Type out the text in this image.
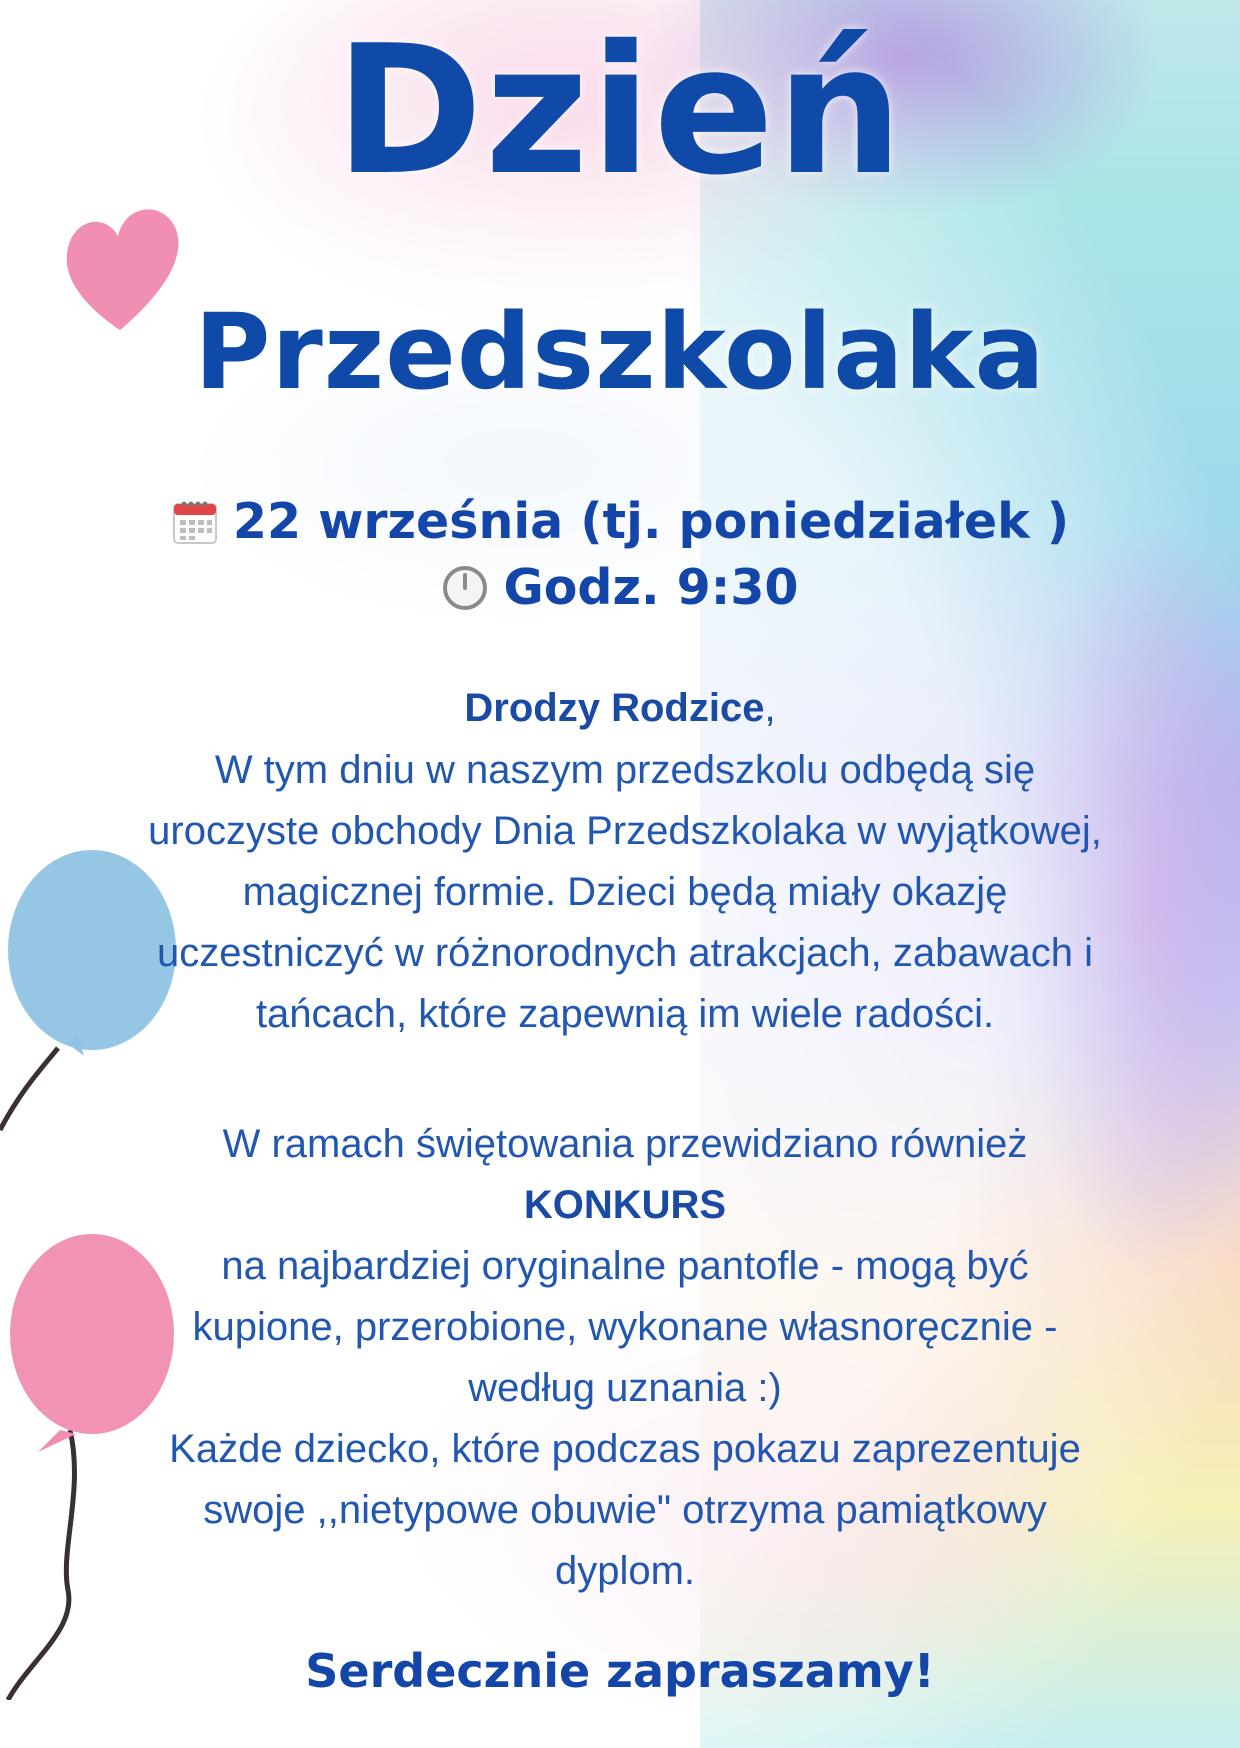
Dzień
Przedszkolaka
22 września (tj. poniedziałek )
Godz. 9:30
Drodzy Rodzice,
W tym dniu w naszym przedszkolu odbędą się
uroczyste obchody Dnia Przedszkolaka w wyjątkowej,
magicznej formie. Dzieci będą miały okazję
uczestniczyć w różnorodnych atrakcjach, zabawach i
tańcach, które zapewnią im wiele radości.
W ramach świętowania przewidziano również
KONKURS
na najbardziej oryginalne pantofle - mogą być
kupione, przerobione, wykonane własnoręcznie -
według uznania :)
Każde dziecko, które podczas pokazu zaprezentuje
swoje ,,nietypowe obuwie" otrzyma pamiątkowy
dyplom.
Serdecznie zapraszamy!
